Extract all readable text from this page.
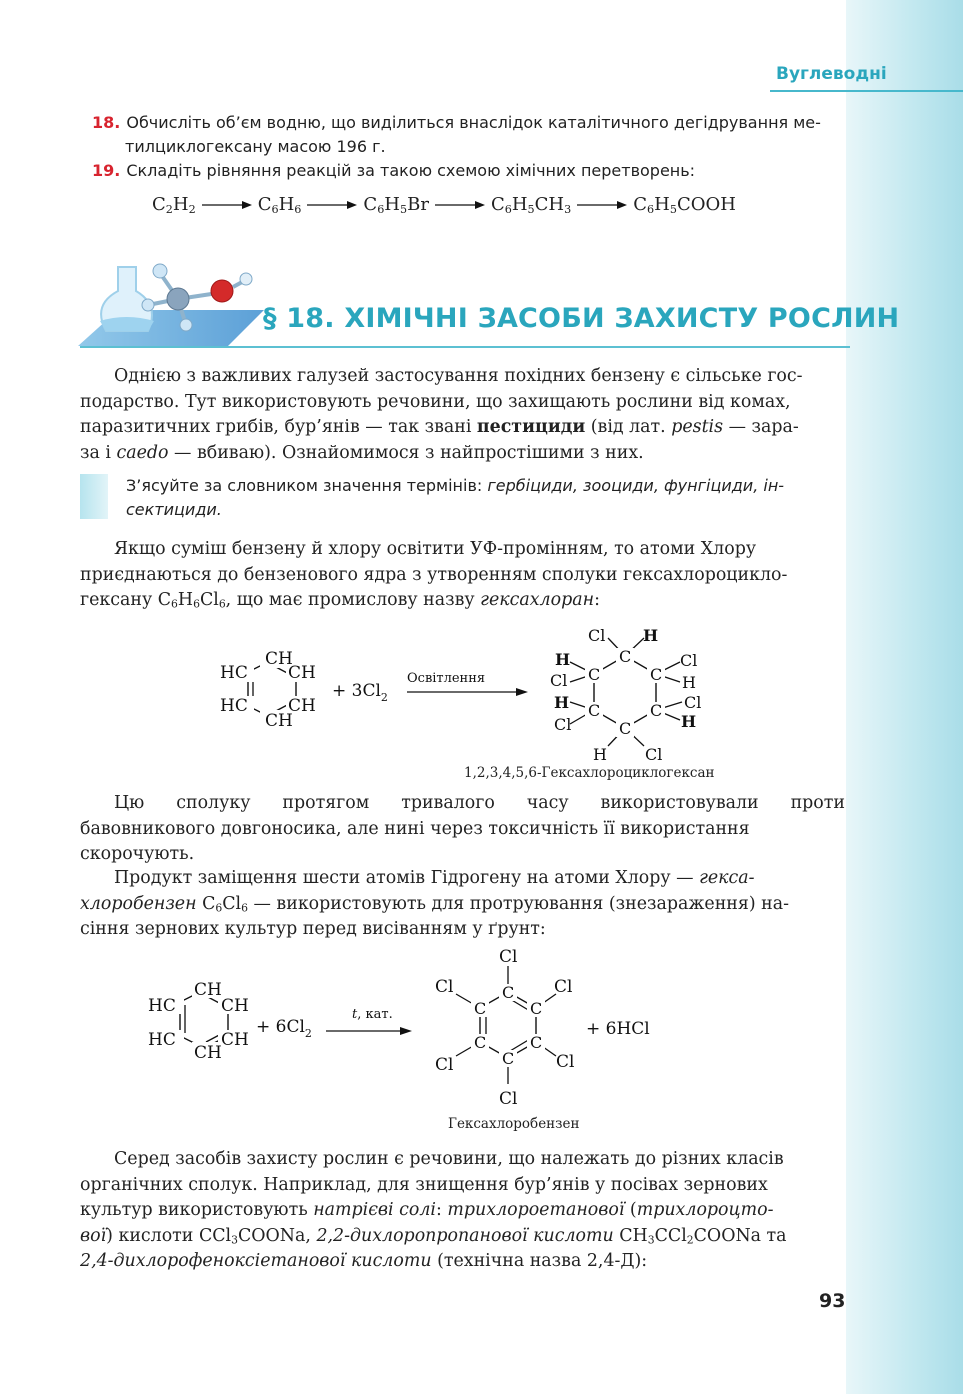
Вуглеводні
18. Обчисліть об’єм водню, що виділиться внаслідок каталітичного дегідрування ме-
тилциклогексану масою 196 г.
19. Складіть рівняння реакцій за такою схемою хімічних перетворень:
$C_2H_2$	$C_6H_6$	$C_6H_5Br$	$C_6H_5CH_3$	$C_6H_5COOH$
§ 18. ХІМІЧНІ ЗАСОБИ ЗАХИСТУ РОСЛИН
Однією з важливих галузей застосування похідних бензену є сільське гос-
подарство. Тут використовують речовини, що захищають рослини від комах,
паразитичних грибів, бур’янів — так звані пестициди (від лат. pestis — зара-
за і caedo — вбиваю). Ознайомимося з найпростішими з них.
З’ясуйте за словником значення термінів: гербіциди, зооциди, фунгіциди, ін-
сектициди.
Якщо суміш бензену й хлору освітити УФ-промінням, то атоми Хлору
приєднаються до бензенового ядра з утворенням сполуки гексахлороцикло-
гексану $C_6H_6Cl_6$, що має промислову назву гексахлоран:
CH
CH
CH
CH
HC
HC
+ $3Cl_2$
Освітлення
C
C
C
C
C
C
Cl H
Cl
H
Cl
H
H Cl
Cl
H
Cl
H
1,2,3,4,5,6-Гексахлороциклогексан
Цю сполуку протягом тривалого часу використовували проти
бавовникового довгоносика, але нині через токсичність її використання
скорочують.
Продукт заміщення шести атомів Гідрогену на атоми Хлору — гекса-
хлоробензен $C_6Cl_6$ — використовують для протруювання (знезараження) на-
сіння зернових культур перед висіванням у ґрунт:
CH
CH
CH
CH
HC
HC
+ $6Cl_2$
t, кат.
C
C
C
C
C
C
Cl
Cl
Cl
Cl
Cl
Cl
+ 6HCl
Гексахлоробензен
Серед засобів захисту рослин є речовини, що належать до різних класів
органічних сполук. Наприклад, для знищення бур’янів у посівах зернових
культур використовують натрієві солі: трихлороетанової (трихлороцто-
вої) кислоти CCl$_3$COONa, 2,2-дихлоропропанової кислоти $CH_3CCl_2COONa$ та
2,4-дихлорофеноксіетанової кислоти (технічна назва 2,4-Д):
93
